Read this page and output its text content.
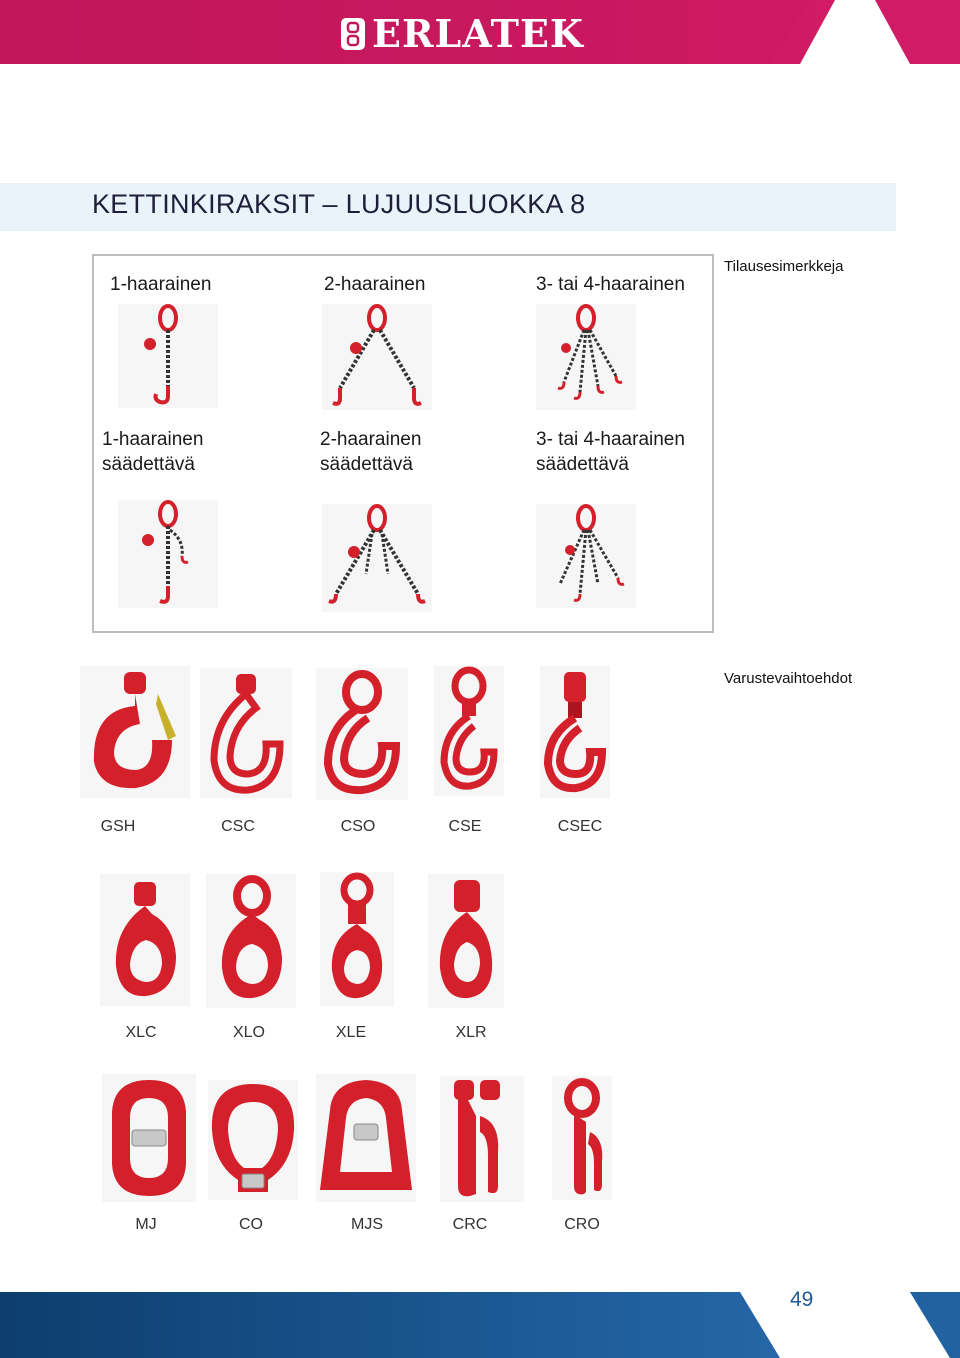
ERLATEK
KETTINKIRAKSIT – LUJUUSLUOKKA 8
Tilausesimerkkeja
1-haarainen	2-haarainen	3- tai 4-haarainen
1-haarainen
säädettävä
2-haarainen
säädettävä
3- tai 4-haarainen
säädettävä
Varustevaihtoehdot
GSH	CSC	CSO	CSE	CSEC
XLC	XLO	XLE	XLR
MJ	CO	MJS	CRC	CRO
49
